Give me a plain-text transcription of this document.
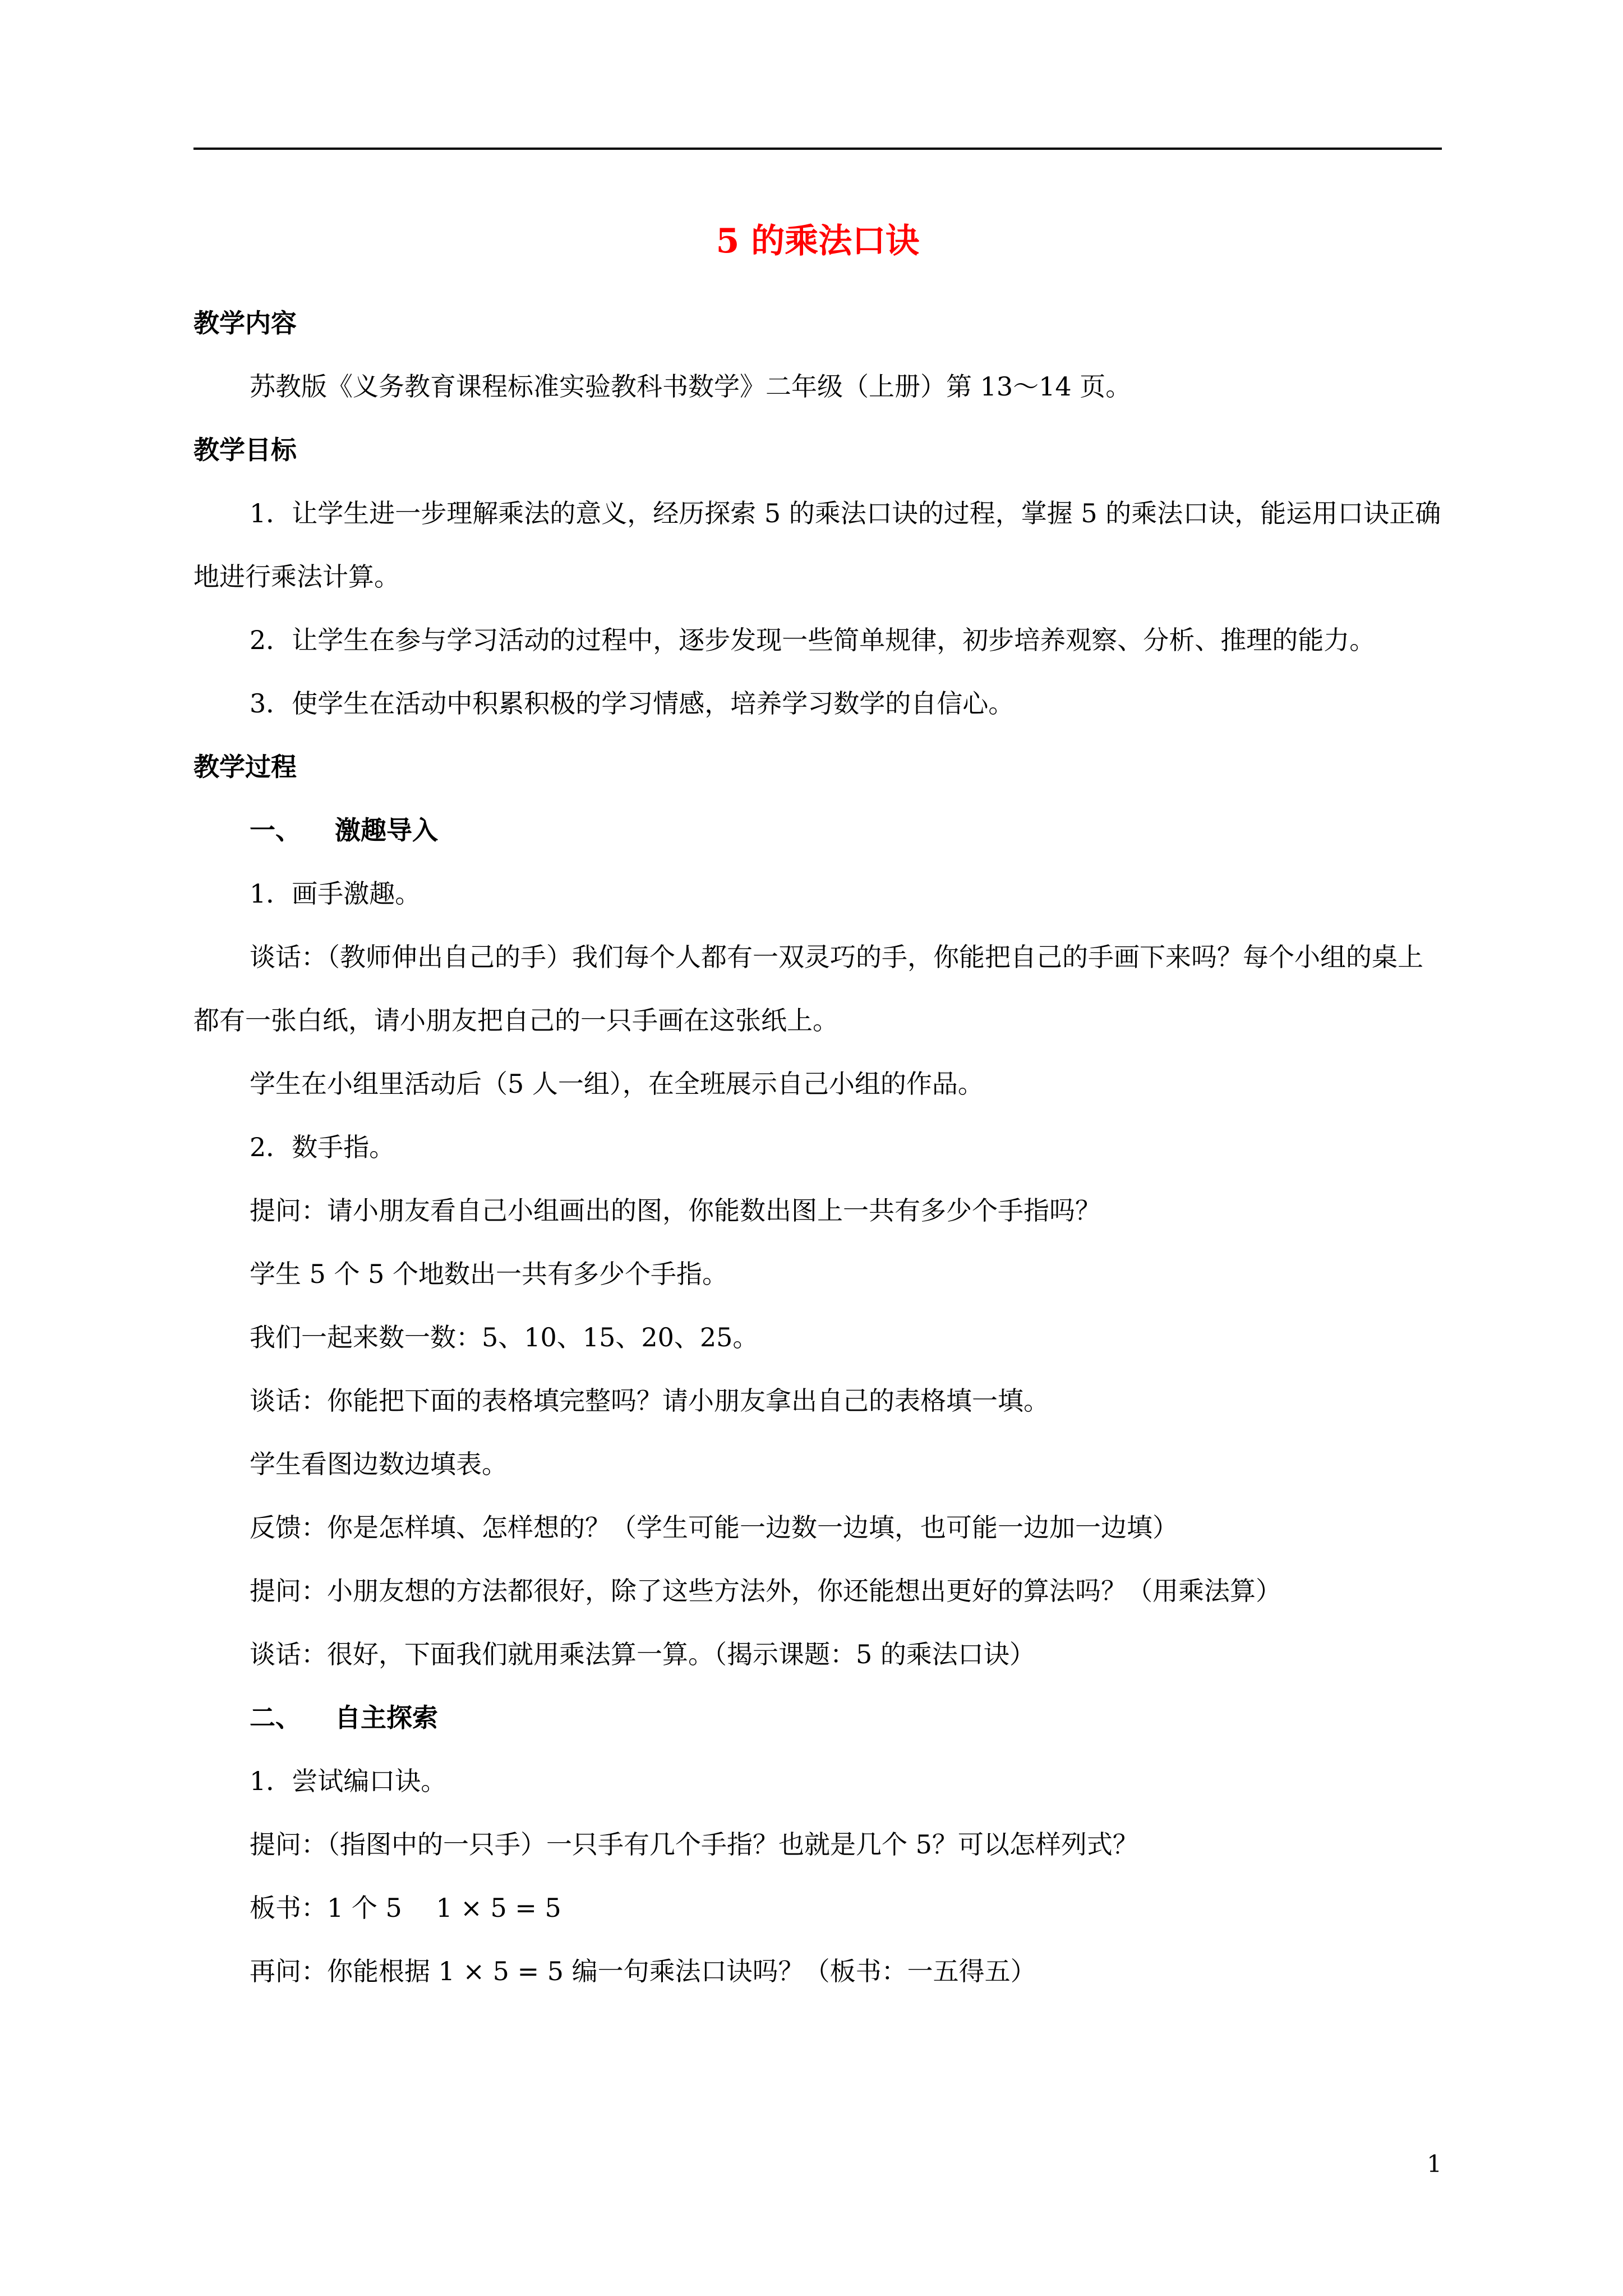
5 的乘法口诀

教学内容

苏教版《义务教育课程标准实验教科书数学》二年级（上册）第 13～14 页。

教学目标

1．让学生进一步理解乘法的意义，经历探索 5 的乘法口诀的过程，掌握 5 的乘法口诀，能运用口诀正确地进行乘法计算。

2．让学生在参与学习活动的过程中，逐步发现一些简单规律，初步培养观察、分析、推理的能力。

3．使学生在活动中积累积极的学习情感，培养学习数学的自信心。

教学过程

一、 激趣导入

1．画手激趣。

谈话：（教师伸出自己的手）我们每个人都有一双灵巧的手，你能把自己的手画下来吗？每个小组的桌上都有一张白纸，请小朋友把自己的一只手画在这张纸上。

学生在小组里活动后（5 人一组），在全班展示自己小组的作品。

2．数手指。

提问：请小朋友看自己小组画出的图，你能数出图上一共有多少个手指吗？

学生 5 个 5 个地数出一共有多少个手指。

我们一起来数一数：5、10、15、20、25。

谈话：你能把下面的表格填完整吗？请小朋友拿出自己的表格填一填。

学生看图边数边填表。

反馈：你是怎样填、怎样想的？（学生可能一边数一边填，也可能一边加一边填）

提问：小朋友想的方法都很好，除了这些方法外，你还能想出更好的算法吗？（用乘法算）

谈话：很好，下面我们就用乘法算一算。（揭示课题：5 的乘法口诀）

二、 自主探索

1．尝试编口诀。

提问：（指图中的一只手）一只手有几个手指？也就是几个 5？可以怎样列式？

板书：1 个 5　 1 × 5 = 5

再问：你能根据 1 × 5 = 5 编一句乘法口诀吗？（板书：一五得五）

1
